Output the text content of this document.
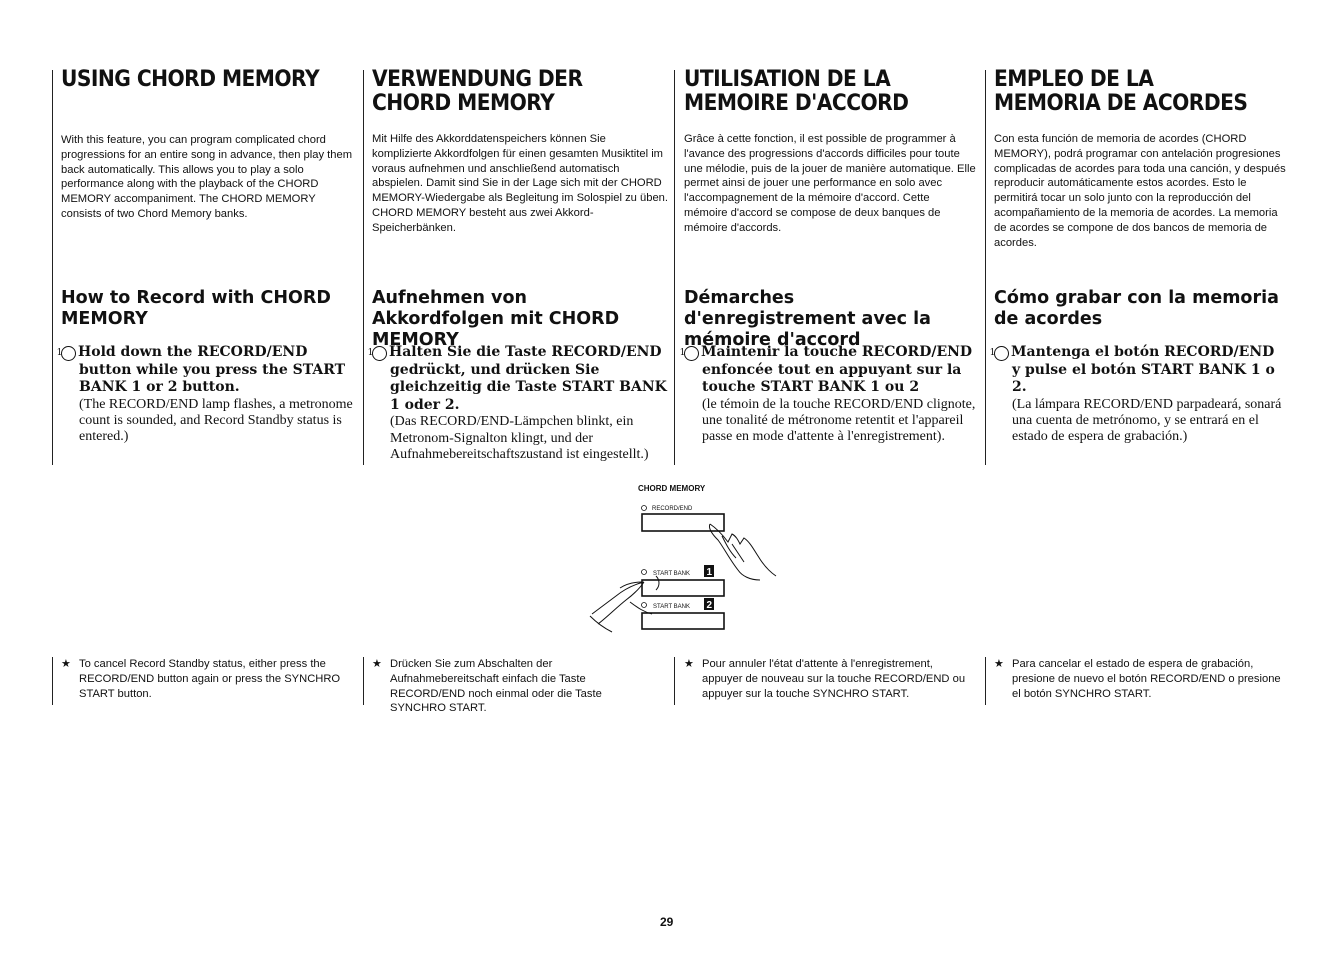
USING CHORD MEMORY

With this feature, you can program complicated chord progressions for an entire song in advance, then play them back automatically. This allows you to play a solo performance along with the playback of the CHORD MEMORY accompaniment. The CHORD MEMORY consists of two Chord Memory banks.

How to Record with CHORD MEMORY

1 Hold down the RECORD/END button while you press the START BANK 1 or 2 button.

(The RECORD/END lamp flashes, a metronome count is sounded, and Record Standby status is entered.)

VERWENDUNG DER CHORD MEMORY

Mit Hilfe des Akkorddatenspeichers können Sie komplizierte Akkordfolgen für einen gesamten Musiktitel im voraus aufnehmen und anschließend automatisch abspielen. Damit sind Sie in der Lage sich mit der CHORD MEMORY-Wiedergabe als Begleitung im Solospiel zu üben. CHORD MEMORY besteht aus zwei Akkord-Speicherbänken.

Aufnehmen von Akkordfolgen mit CHORD MEMORY

1 Halten Sie die Taste RECORD/END gedrückt, und drücken Sie gleichzeitig die Taste START BANK 1 oder 2.

(Das RECORD/END-Lämpchen blinkt, ein Metronom-Signalton klingt, und der Aufnahmebereitschaftszustand ist eingestellt.)

UTILISATION DE LA MEMOIRE D'ACCORD

Grâce à cette fonction, il est possible de programmer à l'avance des progressions d'accords difficiles pour toute une mélodie, puis de la jouer de manière automatique. Elle permet ainsi de jouer une performance en solo avec l'accompagnement de la mémoire d'accord. Cette mémoire d'accord se compose de deux banques de mémoire d'accords.

Démarches d'enregistrement avec la mémoire d'accord

1 Maintenir la touche RECORD/END enfoncée tout en appuyant sur la touche START BANK 1 ou 2

(le témoin de la touche RECORD/END clignote, une tonalité de métronome retentit et l'appareil passe en mode d'attente à l'enregistrement).

EMPLEO DE LA MEMORIA DE ACORDES

Con esta función de memoria de acordes (CHORD MEMORY), podrá programar con antelación progresiones complicadas de acordes para toda una canción, y después reproducir automáticamente estos acordes. Esto le permitirá tocar un solo junto con la reproducción del acompañamiento de la memoria de acordes. La memoria de acordes se compone de dos bancos de memoria de acordes.

Cómo grabar con la memoria de acordes

1 Mantenga el botón RECORD/END y pulse el botón START BANK 1 o 2.

(La lámpara RECORD/END parpadeará, sonará una cuenta de metrónomo, y se entrará en el estado de espera de grabación.)

CHORD MEMORY
RECORD/END
START BANK 1
START BANK 2
★ To cancel Record Standby status, either press the RECORD/END button again or press the SYNCHRO START button.

★ Drücken Sie zum Abschalten der Aufnahmebereitschaft einfach die Taste RECORD/END noch einmal oder die Taste SYNCHRO START.

★ Pour annuler l'état d'attente à l'enregistrement, appuyer de nouveau sur la touche RECORD/END ou appuyer sur la touche SYNCHRO START.

★ Para cancelar el estado de espera de grabación, presione de nuevo el botón RECORD/END o presione el botón SYNCHRO START.

29
